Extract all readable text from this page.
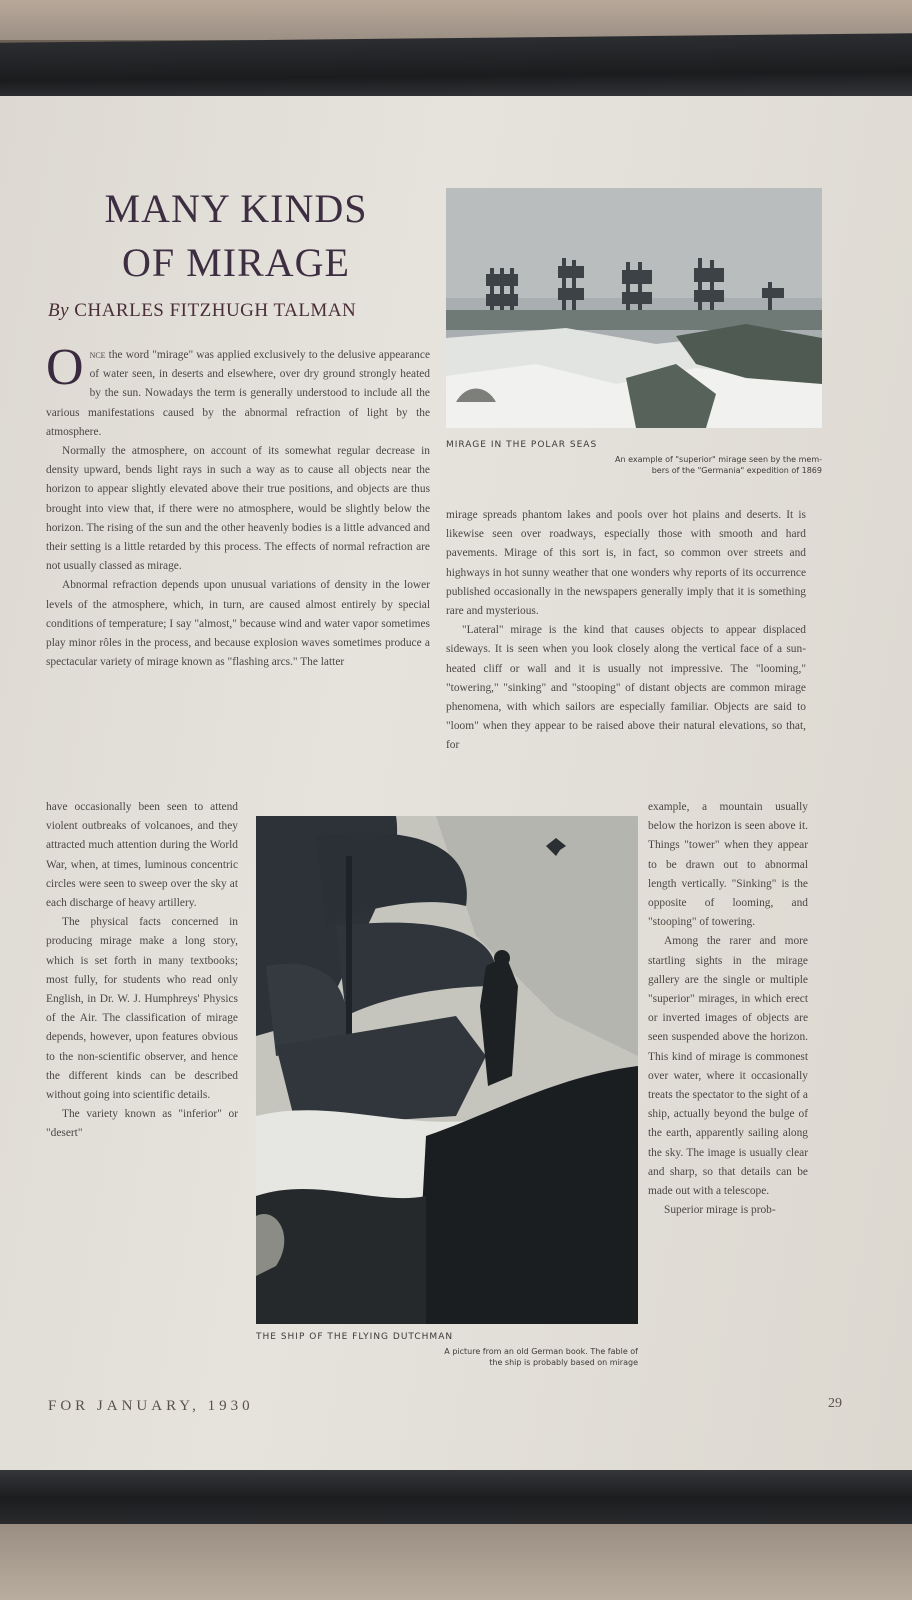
MANY KINDS
OF MIRAGE

By CHARLES FITZHUGH TALMAN

Once the word "mirage" was applied exclusively to the delusive appearance of water seen, in deserts and elsewhere, over dry ground strongly heated by the sun. Nowadays the term is generally understood to include all the various manifestations caused by the abnormal refraction of light by the atmosphere.

Normally the atmosphere, on account of its somewhat regular decrease in density upward, bends light rays in such a way as to cause all objects near the horizon to appear slightly elevated above their true positions, and objects are thus brought into view that, if there were no atmosphere, would be slightly below the horizon. The rising of the sun and the other heavenly bodies is a little advanced and their setting is a little retarded by this process. The effects of normal refraction are not usually classed as mirage.

Abnormal refraction depends upon unusual variations of density in the lower levels of the atmosphere, which, in turn, are caused almost entirely by special conditions of temperature; I say "almost," because wind and water vapor sometimes play minor rôles in the process, and because explosion waves sometimes produce a spectacular variety of mirage known as "flashing arcs." The latter

have occasionally been seen to attend violent outbreaks of volcanoes, and they attracted much attention during the World War, when, at times, luminous concentric circles were seen to sweep over the sky at each discharge of heavy artillery.

The physical facts concerned in producing mirage make a long story, which is set forth in many textbooks; most fully, for students who read only English, in Dr. W. J. Humphreys' Physics of the Air. The classification of mirage depends, however, upon features obvious to the non-scientific observer, and hence the different kinds can be described without going into scientific details.

The variety known as "inferior" or "desert"

MIRAGE IN THE POLAR SEAS

An example of "superior" mirage seen by the mem-
bers of the "Germania" expedition of 1869

mirage spreads phantom lakes and pools over hot plains and deserts. It is likewise seen over roadways, especially those with smooth and hard pavements. Mirage of this sort is, in fact, so common over streets and highways in hot sunny weather that one wonders why reports of its occurrence published occasionally in the newspapers generally imply that it is something rare and mysterious.

"Lateral" mirage is the kind that causes objects to appear displaced sideways. It is seen when you look closely along the vertical face of a sun-heated cliff or wall and it is usually not impressive. The "looming," "towering," "sinking" and "stooping" of distant objects are common mirage phenomena, with which sailors are especially familiar. Objects are said to "loom" when they appear to be raised above their natural elevations, so that, for

example, a mountain usually below the horizon is seen above it. Things "tower" when they appear to be drawn out to abnormal length vertically. "Sinking" is the opposite of looming, and "stooping" of towering.

Among the rarer and more startling sights in the mirage gallery are the single or multiple "superior" mirages, in which erect or inverted images of objects are seen suspended above the horizon. This kind of mirage is commonest over water, where it occasionally treats the spectator to the sight of a ship, actually beyond the bulge of the earth, apparently sailing along the sky. The image is usually clear and sharp, so that details can be made out with a telescope.

Superior mirage is prob-

THE SHIP OF THE FLYING DUTCHMAN

A picture from an old German book. The fable of
the ship is probably based on mirage

FOR JANUARY, 1930	29
